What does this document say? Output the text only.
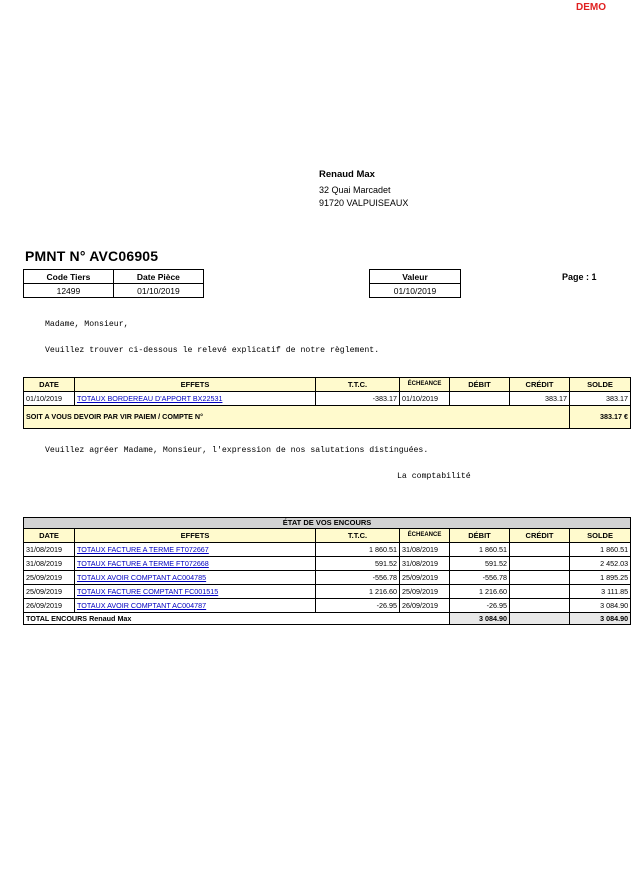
DEMO
Renaud Max
32 Quai Marcadet
91720 VALPUISEAUX
PMNT N° AVC06905
Code Tiers	Date Pièce
12499	01/10/2019
Valeur
01/10/2019
Page : 1
Madame, Monsieur,
Veuillez trouver ci-dessous le relevé explicatif de notre règlement.
DATE	EFFETS	T.T.C.	ÉCHEANCE	DÉBIT	CRÉDIT	SOLDE
01/10/2019	TOTAUX BORDEREAU D'APPORT BX22531	-383.17	01/10/2019		383.17	383.17
SOIT A VOUS DEVOIR PAR VIR PAIEM / COMPTE N°						383.17 €
Veuillez agréer Madame, Monsieur, l'expression de nos salutations distinguées.
La comptabilité
ÉTAT DE VOS ENCOURS						
DATE	EFFETS	T.T.C.	ÉCHEANCE	DÉBIT	CRÉDIT	SOLDE
31/08/2019	TOTAUX FACTURE A TERME FT072667	1 860.51	31/08/2019	1 860.51		1 860.51
31/08/2019	TOTAUX FACTURE A TERME FT072668	591.52	31/08/2019	591.52		2 452.03
25/09/2019	TOTAUX AVOIR COMPTANT AC004785	-556.78	25/09/2019	-556.78		1 895.25
25/09/2019	TOTAUX FACTURE COMPTANT FC001515	1 216.60	25/09/2019	1 216.60		3 111.85
26/09/2019	TOTAUX AVOIR COMPTANT AC004787	-26.95	26/09/2019	-26.95		3 084.90
TOTAL ENCOURS Renaud Max				3 084.90		3 084.90
